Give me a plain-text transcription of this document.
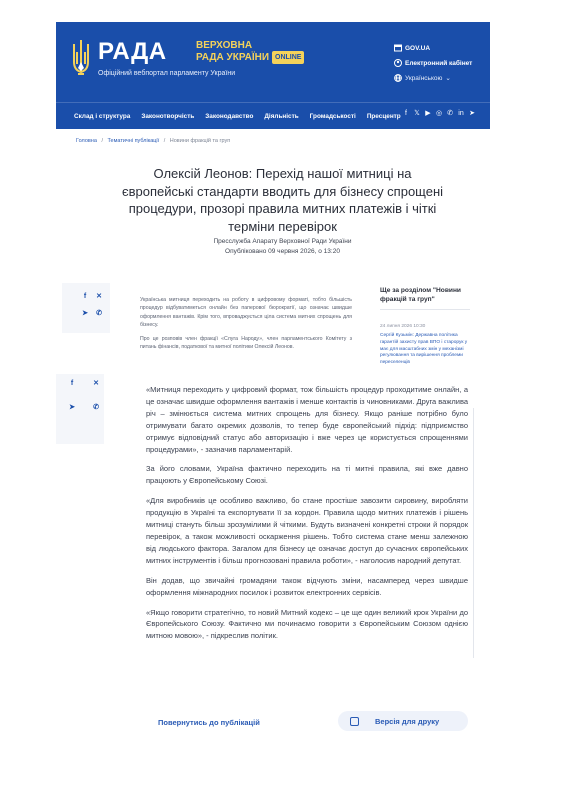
РАДА	ВЕРХОВНА
РАДА УКРАЇНИ ONLINE
Офіційний вебпортал парламенту України
GOV.UA
Електронний кабінет
Українською ⌄
Склад і структура Законотворчість Законодавство Діяльність Громадськості Пресцентр f	𝕏 ▶ ◎ ✆ in ➤
Головна / Тематичні публікації / Новини фракцій та груп
Олексій Леонов: Перехід нашої митниці на європейські стандарти вводить для бізнесу спрощені процедури, прозорі правила митних платежів і чіткі терміни перевірок
Пресслужба Апарату Верховної Ради України
Опубліковано 09 червня 2026, о 13:20
f	✕
➤ ✆

Українська митниця переходить на роботу в цифровому форматі, тобто більшість процедур відбуватиметься онлайн без паперової бюрократії, що означає швидше оформлення вантажів. Крім того, впроваджується ціла система митних спрощень для бізнесу.

Про це розповів член фракції «Слуга Народу», член парламентського Комітету з питань фінансів, податкової та митної політики Олексій Леонов.

Ще за розділом "Новини фракцій та груп"
24 липня 2026 10:30
Сергій Кузьмін: Державна політика гарантій захисту прав ВПО і старорук у має для масштабних змін у механізмі регулювання та вирішення проблеми переселенців
f	✕
➤	✆

«Митниця переходить у цифровий формат, тож більшість процедур проходитиме онлайн, а це означає швидше оформлення вантажів і менше контактів із чиновниками. Друга важлива річ – змінюється система митних спрощень для бізнесу. Якщо раніше потрібно було отримувати багато окремих дозволів, то тепер буде європейський підхід: підприємство отримує відповідний статус або авторизацію і вже через це користується спрощеннями процедурами», - зазначив парламентарій.

За його словами, Україна фактично переходить на ті митні правила, які вже давно працюють у Європейському Союзі.

«Для виробників це особливо важливо, бо стане простіше завозити сировину, виробляти продукцію в Україні та експортувати її за кордон. Правила щодо митних платежів і рішень митниці стануть більш зрозумілими й чіткими. Будуть визначені конкретні строки й порядок перевірок, а також можливості оскарження рішень. Тобто система стане менш залежною від людського фактора. Загалом для бізнесу це означає доступ до сучасних європейських митних інструментів і більш прогнозовані правила роботи», - наголосив народний депутат.

Він додав, що звичайні громадяни також відчують зміни, насамперед через швидше оформлення міжнародних посилок і розвиток електронних сервісів.

«Якщо говорити стратегічно, то новий Митний кодекс – це ще один великий крок України до Європейського Союзу. Фактично ми починаємо говорити з Європейським Союзом однією митною мовою», - підкреслив політик.

Повернутись до публікацій	Версія для друку
